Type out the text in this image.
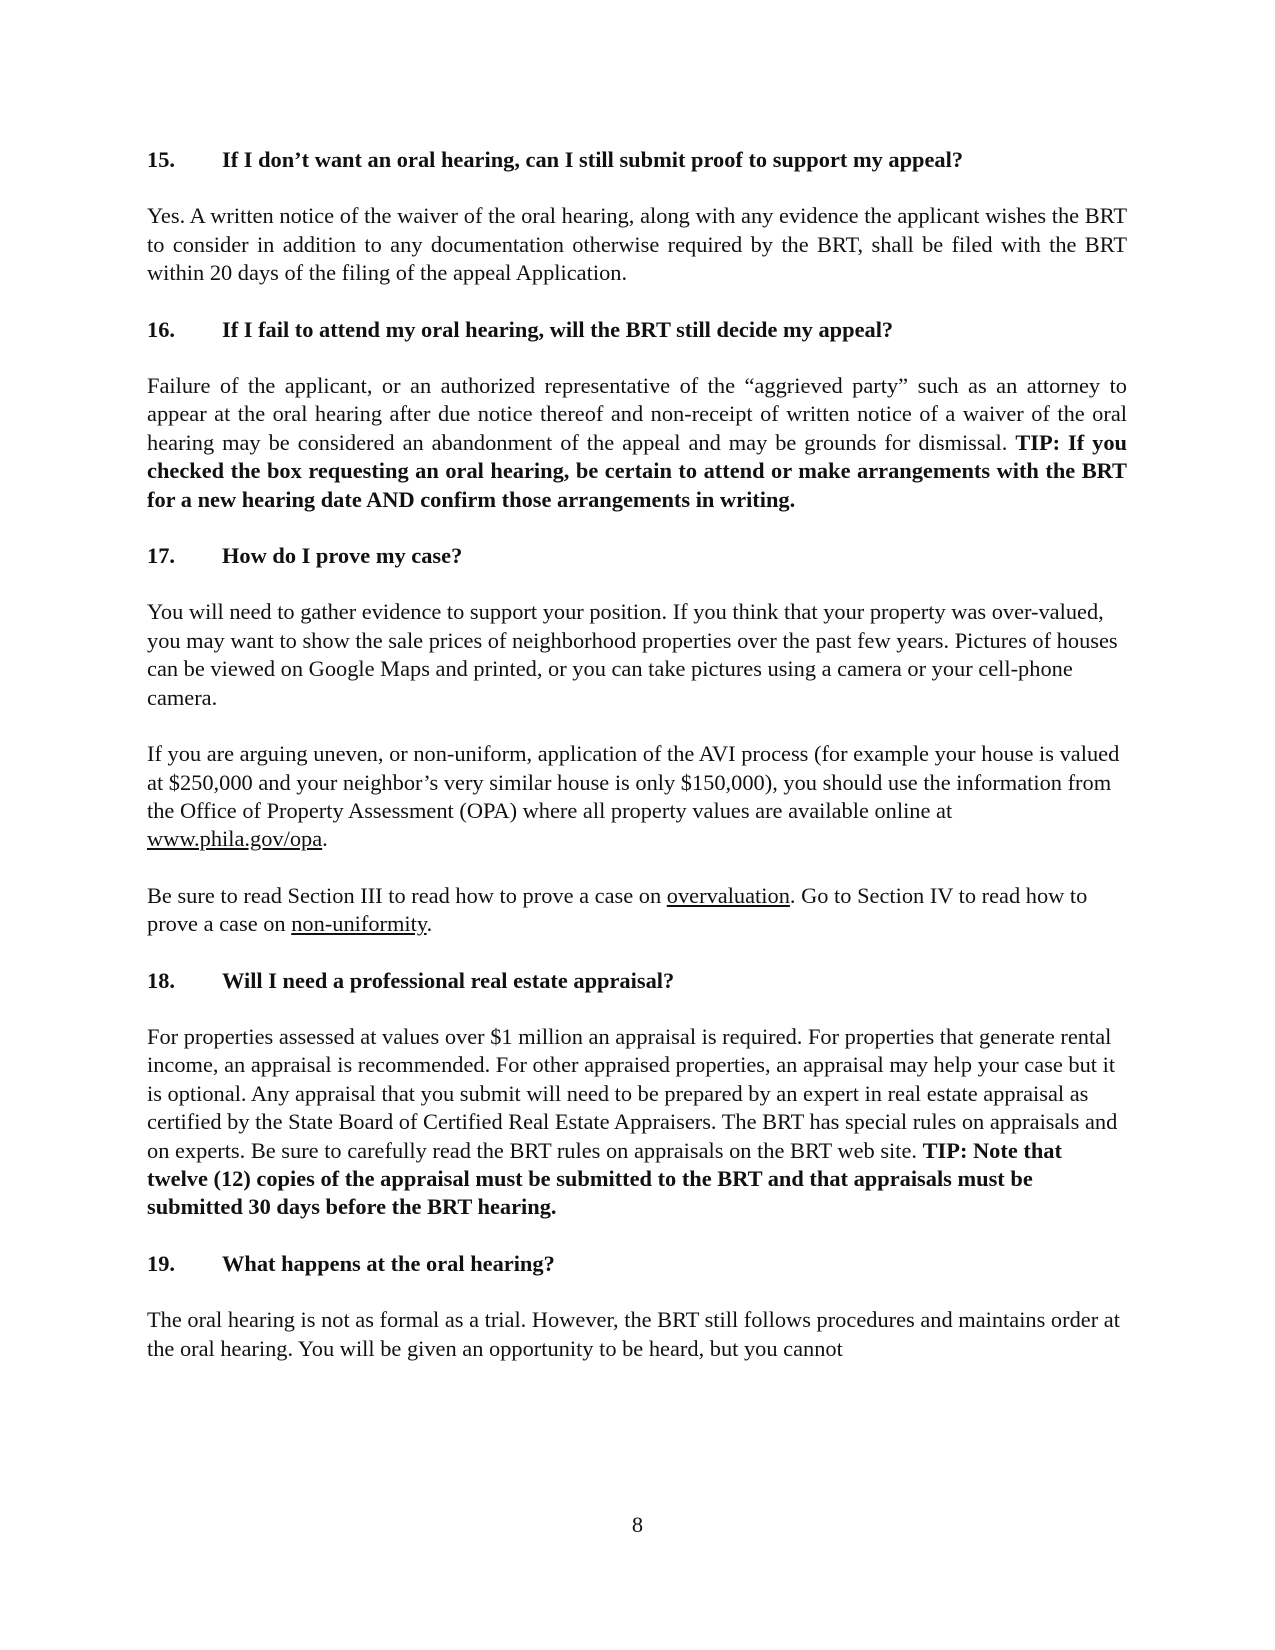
15.	If I don’t want an oral hearing, can I still submit proof to support my appeal?

Yes. A written notice of the waiver of the oral hearing, along with any evidence the applicant wishes the BRT to consider in addition to any documentation otherwise required by the BRT, shall be filed with the BRT within 20 days of the filing of the appeal Application.

16.	If I fail to attend my oral hearing, will the BRT still decide my appeal?

Failure of the applicant, or an authorized representative of the “aggrieved party” such as an attorney to appear at the oral hearing after due notice thereof and non-receipt of written notice of a waiver of the oral hearing may be considered an abandonment of the appeal and may be grounds for dismissal. TIP: If you checked the box requesting an oral hearing, be certain to attend or make arrangements with the BRT for a new hearing date AND confirm those arrangements in writing.

17.	How do I prove my case?

You will need to gather evidence to support your position. If you think that your property was over-valued, you may want to show the sale prices of neighborhood properties over the past few years. Pictures of houses can be viewed on Google Maps and printed, or you can take pictures using a camera or your cell-phone camera.

If you are arguing uneven, or non-uniform, application of the AVI process (for example your house is valued at $250,000 and your neighbor’s very similar house is only $150,000), you should use the information from the Office of Property Assessment (OPA) where all property values are available online at www.phila.gov/opa.

Be sure to read Section III to read how to prove a case on overvaluation. Go to Section IV to read how to prove a case on non-uniformity.

18.	Will I need a professional real estate appraisal?

For properties assessed at values over $1 million an appraisal is required. For properties that generate rental income, an appraisal is recommended. For other appraised properties, an appraisal may help your case but it is optional. Any appraisal that you submit will need to be prepared by an expert in real estate appraisal as certified by the State Board of Certified Real Estate Appraisers. The BRT has special rules on appraisals and on experts. Be sure to carefully read the BRT rules on appraisals on the BRT web site. TIP: Note that twelve (12) copies of the appraisal must be submitted to the BRT and that appraisals must be submitted 30 days before the BRT hearing.

19.	What happens at the oral hearing?

The oral hearing is not as formal as a trial. However, the BRT still follows procedures and maintains order at the oral hearing. You will be given an opportunity to be heard, but you cannot

8
